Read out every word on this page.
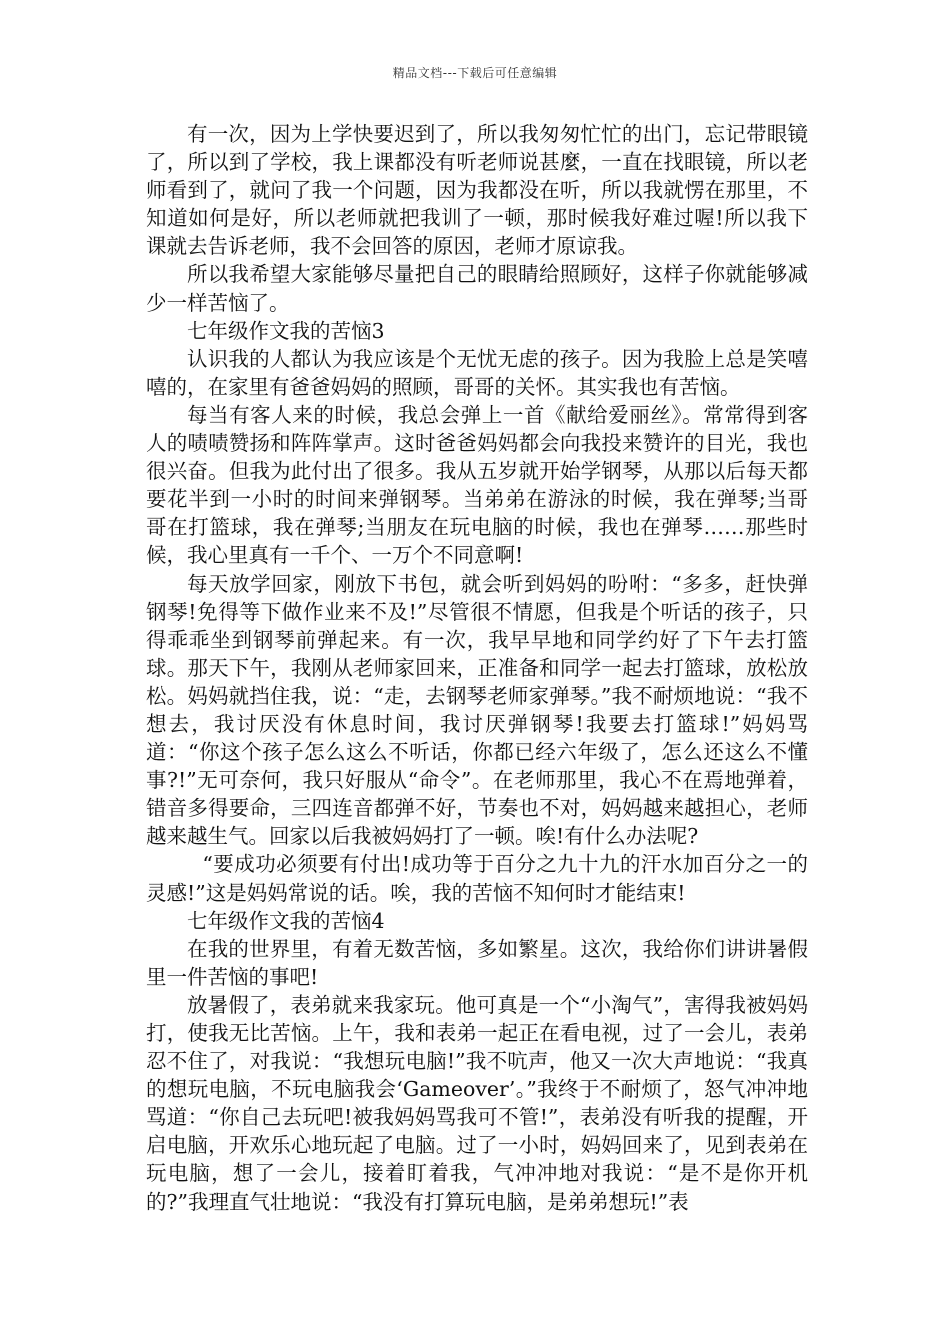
精品文档---下载后可任意编辑

有一次，因为上学快要迟到了，所以我匆匆忙忙的出门，忘记带眼镜了，所以到了学校，我上课都没有听老师说甚麼，一直在找眼镜，所以老师看到了，就问了我一个问题，因为我都没在听，所以我就愣在那里，不知道如何是好，所以老师就把我训了一顿，那时候我好难过喔!所以我下课就去告诉老师，我不会回答的原因，老师才原谅我。

所以我希望大家能够尽量把自己的眼睛给照顾好，这样子你就能够减少一样苦恼了。

七年级作文我的苦恼3

认识我的人都认为我应该是个无忧无虑的孩子。因为我脸上总是笑嘻嘻的，在家里有爸爸妈妈的照顾，哥哥的关怀。其实我也有苦恼。

每当有客人来的时候，我总会弹上一首《献给爱丽丝》。常常得到客人的啧啧赞扬和阵阵掌声。这时爸爸妈妈都会向我投来赞许的目光，我也很兴奋。但我为此付出了很多。我从五岁就开始学钢琴，从那以后每天都要花半到一小时的时间来弹钢琴。当弟弟在游泳的时候，我在弹琴;当哥哥在打篮球，我在弹琴;当朋友在玩电脑的时候，我也在弹琴……那些时候，我心里真有一千个、一万个不同意啊!

每天放学回家，刚放下书包，就会听到妈妈的吩咐：“多多，赶快弹钢琴!免得等下做作业来不及!”尽管很不情愿，但我是个听话的孩子，只得乖乖坐到钢琴前弹起来。有一次，我早早地和同学约好了下午去打篮球。那天下午，我刚从老师家回来，正准备和同学一起去打篮球，放松放松。妈妈就挡住我，说：“走，去钢琴老师家弹琴。”我不耐烦地说：“我不想去，我讨厌没有休息时间，我讨厌弹钢琴!我要去打篮球!”妈妈骂道：“你这个孩子怎么这么不听话，你都已经六年级了，怎么还这么不懂事?!”无可奈何，我只好服从“命令”。在老师那里，我心不在焉地弹着，错音多得要命，三四连音都弹不好，节奏也不对，妈妈越来越担心，老师越来越生气。回家以后我被妈妈打了一顿。唉!有什么办法呢?

“要成功必须要有付出!成功等于百分之九十九的汗水加百分之一的灵感!”这是妈妈常说的话。唉，我的苦恼不知何时才能结束!

七年级作文我的苦恼4

在我的世界里，有着无数苦恼，多如繁星。这次，我给你们讲讲暑假里一件苦恼的事吧!

放暑假了，表弟就来我家玩。他可真是一个“小淘气”，害得我被妈妈打，使我无比苦恼。上午，我和表弟一起正在看电视，过了一会儿，表弟忍不住了，对我说：“我想玩电脑!”我不吭声，他又一次大声地说：“我真的想玩电脑，不玩电脑我会‘Gameover’。”我终于不耐烦了，怒气冲冲地骂道：“你自己去玩吧!被我妈妈骂我可不管!”，表弟没有听我的提醒，开启电脑，开欢乐心地玩起了电脑。过了一小时，妈妈回来了，见到表弟在玩电脑，想了一会儿，接着盯着我，气冲冲地对我说：“是不是你开机的?”我理直气壮地说：“我没有打算玩电脑，是弟弟想玩!”表
